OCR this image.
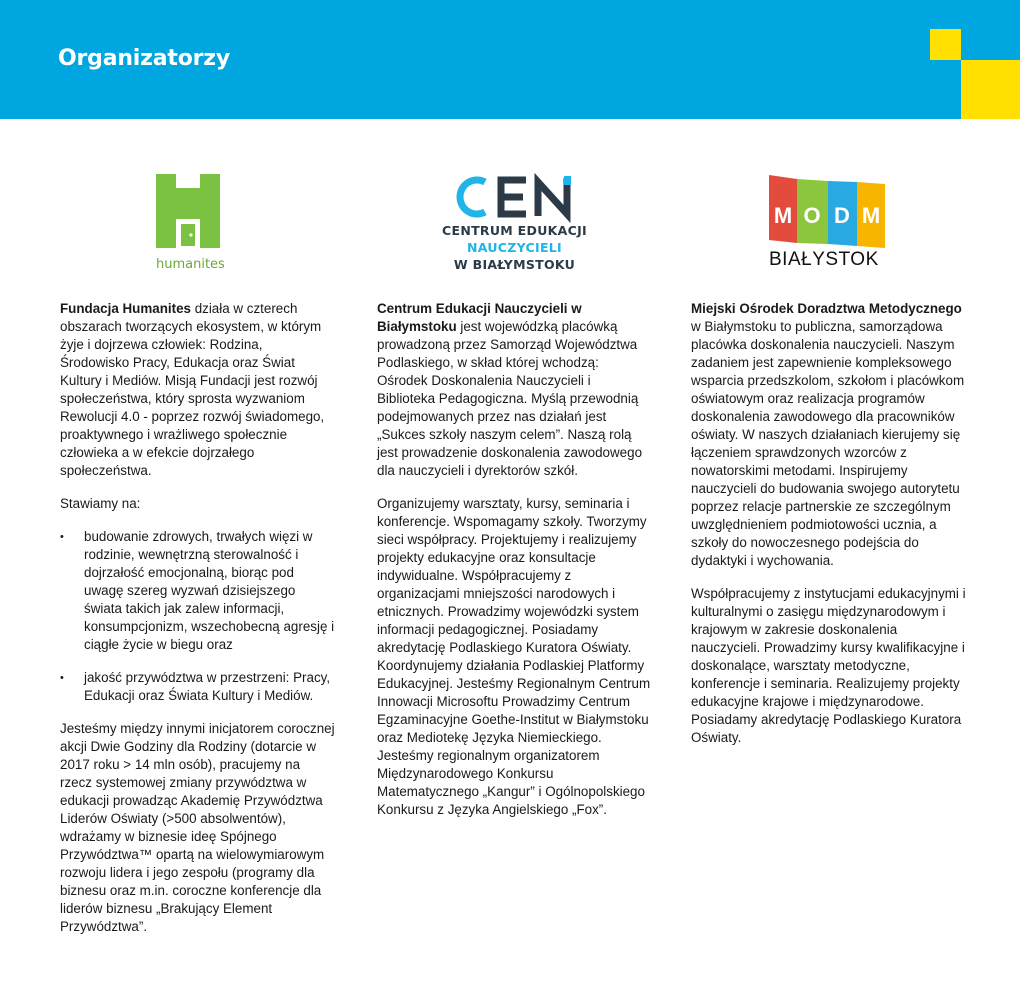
Organizatorzy
humanites

Fundacja Humanites działa w czterech obszarach tworzących ekosystem, w którym żyje i dojrzewa człowiek: Rodzina, Środowisko Pracy, Edukacja oraz Świat Kultury i Mediów. Misją Fundacji jest rozwój społeczeństwa, który sprosta wyzwaniom Rewolucji 4.0 - poprzez rozwój świadomego, proaktywnego i wrażliwego społecznie człowieka a w efekcie dojrzałego społeczeństwa.

Stawiamy na:

• budowanie zdrowych, trwałych więzi w rodzinie, wewnętrzną sterowalność i dojrzałość emocjonalną, biorąc pod uwagę szereg wyzwań dzisiejszego świata takich jak zalew informacji, konsumpcjonizm, wszechobecną agresję i ciągłe życie w biegu oraz
• jakość przywództwa w przestrzeni: Pracy, Edukacji oraz Świata Kultury i Mediów.

Jesteśmy między innymi inicjatorem corocznej akcji Dwie Godziny dla Rodziny (dotarcie w 2017 roku > 14 mln osób), pracujemy na rzecz systemowej zmiany przywództwa w edukacji prowadząc Akademię Przywództwa Liderów Oświaty (>500 absolwentów), wdrażamy w biznesie ideę Spójnego Przywództwa™ opartą na wielowymiarowym rozwoju lidera i jego zespołu (programy dla biznesu oraz m.in. coroczne konferencje dla liderów biznesu „Brakujący Element Przywództwa”.

CENTRUM EDUKACJI
NAUCZYCIELI
W BIAŁYMSTOKU

Centrum Edukacji Nauczycieli w Białymstoku jest wojewódzką placówką prowadzoną przez Samorząd Województwa Podlaskiego, w skład której wchodzą: Ośrodek Doskonalenia Nauczycieli i Biblioteka Pedagogiczna. Myślą przewodnią podejmowanych przez nas działań jest „Sukces szkoły naszym celem”. Naszą rolą jest prowadzenie doskonalenia zawodowego dla nauczycieli i dyrektorów szkół.

Organizujemy warsztaty, kursy, seminaria i konferencje. Wspomagamy szkoły. Tworzymy sieci współpracy. Projektujemy i realizujemy projekty edukacyjne oraz konsultacje indywidualne. Współpracujemy z organizacjami mniejszości narodowych i etnicznych. Prowadzimy wojewódzki system informacji pedagogicznej. Posiadamy akredytację Podlaskiego Kuratora Oświaty. Koordynujemy działania Podlaskiej Platformy Edukacyjnej. Jesteśmy Regionalnym Centrum Innowacji Microsoftu Prowadzimy Centrum Egzaminacyjne Goethe-Institut w Białymstoku oraz Mediotekę Języka Niemieckiego. Jesteśmy regionalnym organizatorem Międzynarodowego Konkursu Matematycznego „Kangur” i Ogólnopolskiego Konkursu z Języka Angielskiego „Fox”.

M O D M
BIAŁYSTOK

Miejski Ośrodek Doradztwa Metodycznego w Białymstoku to publiczna, samorządowa placówka doskonalenia nauczycieli. Naszym zadaniem jest zapewnienie kompleksowego wsparcia przedszkolom, szkołom i placówkom oświatowym oraz realizacja programów doskonalenia zawodowego dla pracowników oświaty. W naszych działaniach kierujemy się łączeniem sprawdzonych wzorców z nowatorskimi metodami. Inspirujemy nauczycieli do budowania swojego autorytetu poprzez relacje partnerskie ze szczególnym uwzględnieniem podmiotowości ucznia, a szkoły do nowoczesnego podejścia do dydaktyki i wychowania.

Współpracujemy z instytucjami edukacyjnymi i kulturalnymi o zasięgu międzynarodowym i krajowym w zakresie doskonalenia nauczycieli. Prowadzimy kursy kwalifikacyjne i doskonalące, warsztaty metodyczne, konferencje i seminaria. Realizujemy projekty edukacyjne krajowe i międzynarodowe. Posiadamy akredytację Podlaskiego Kuratora Oświaty.
